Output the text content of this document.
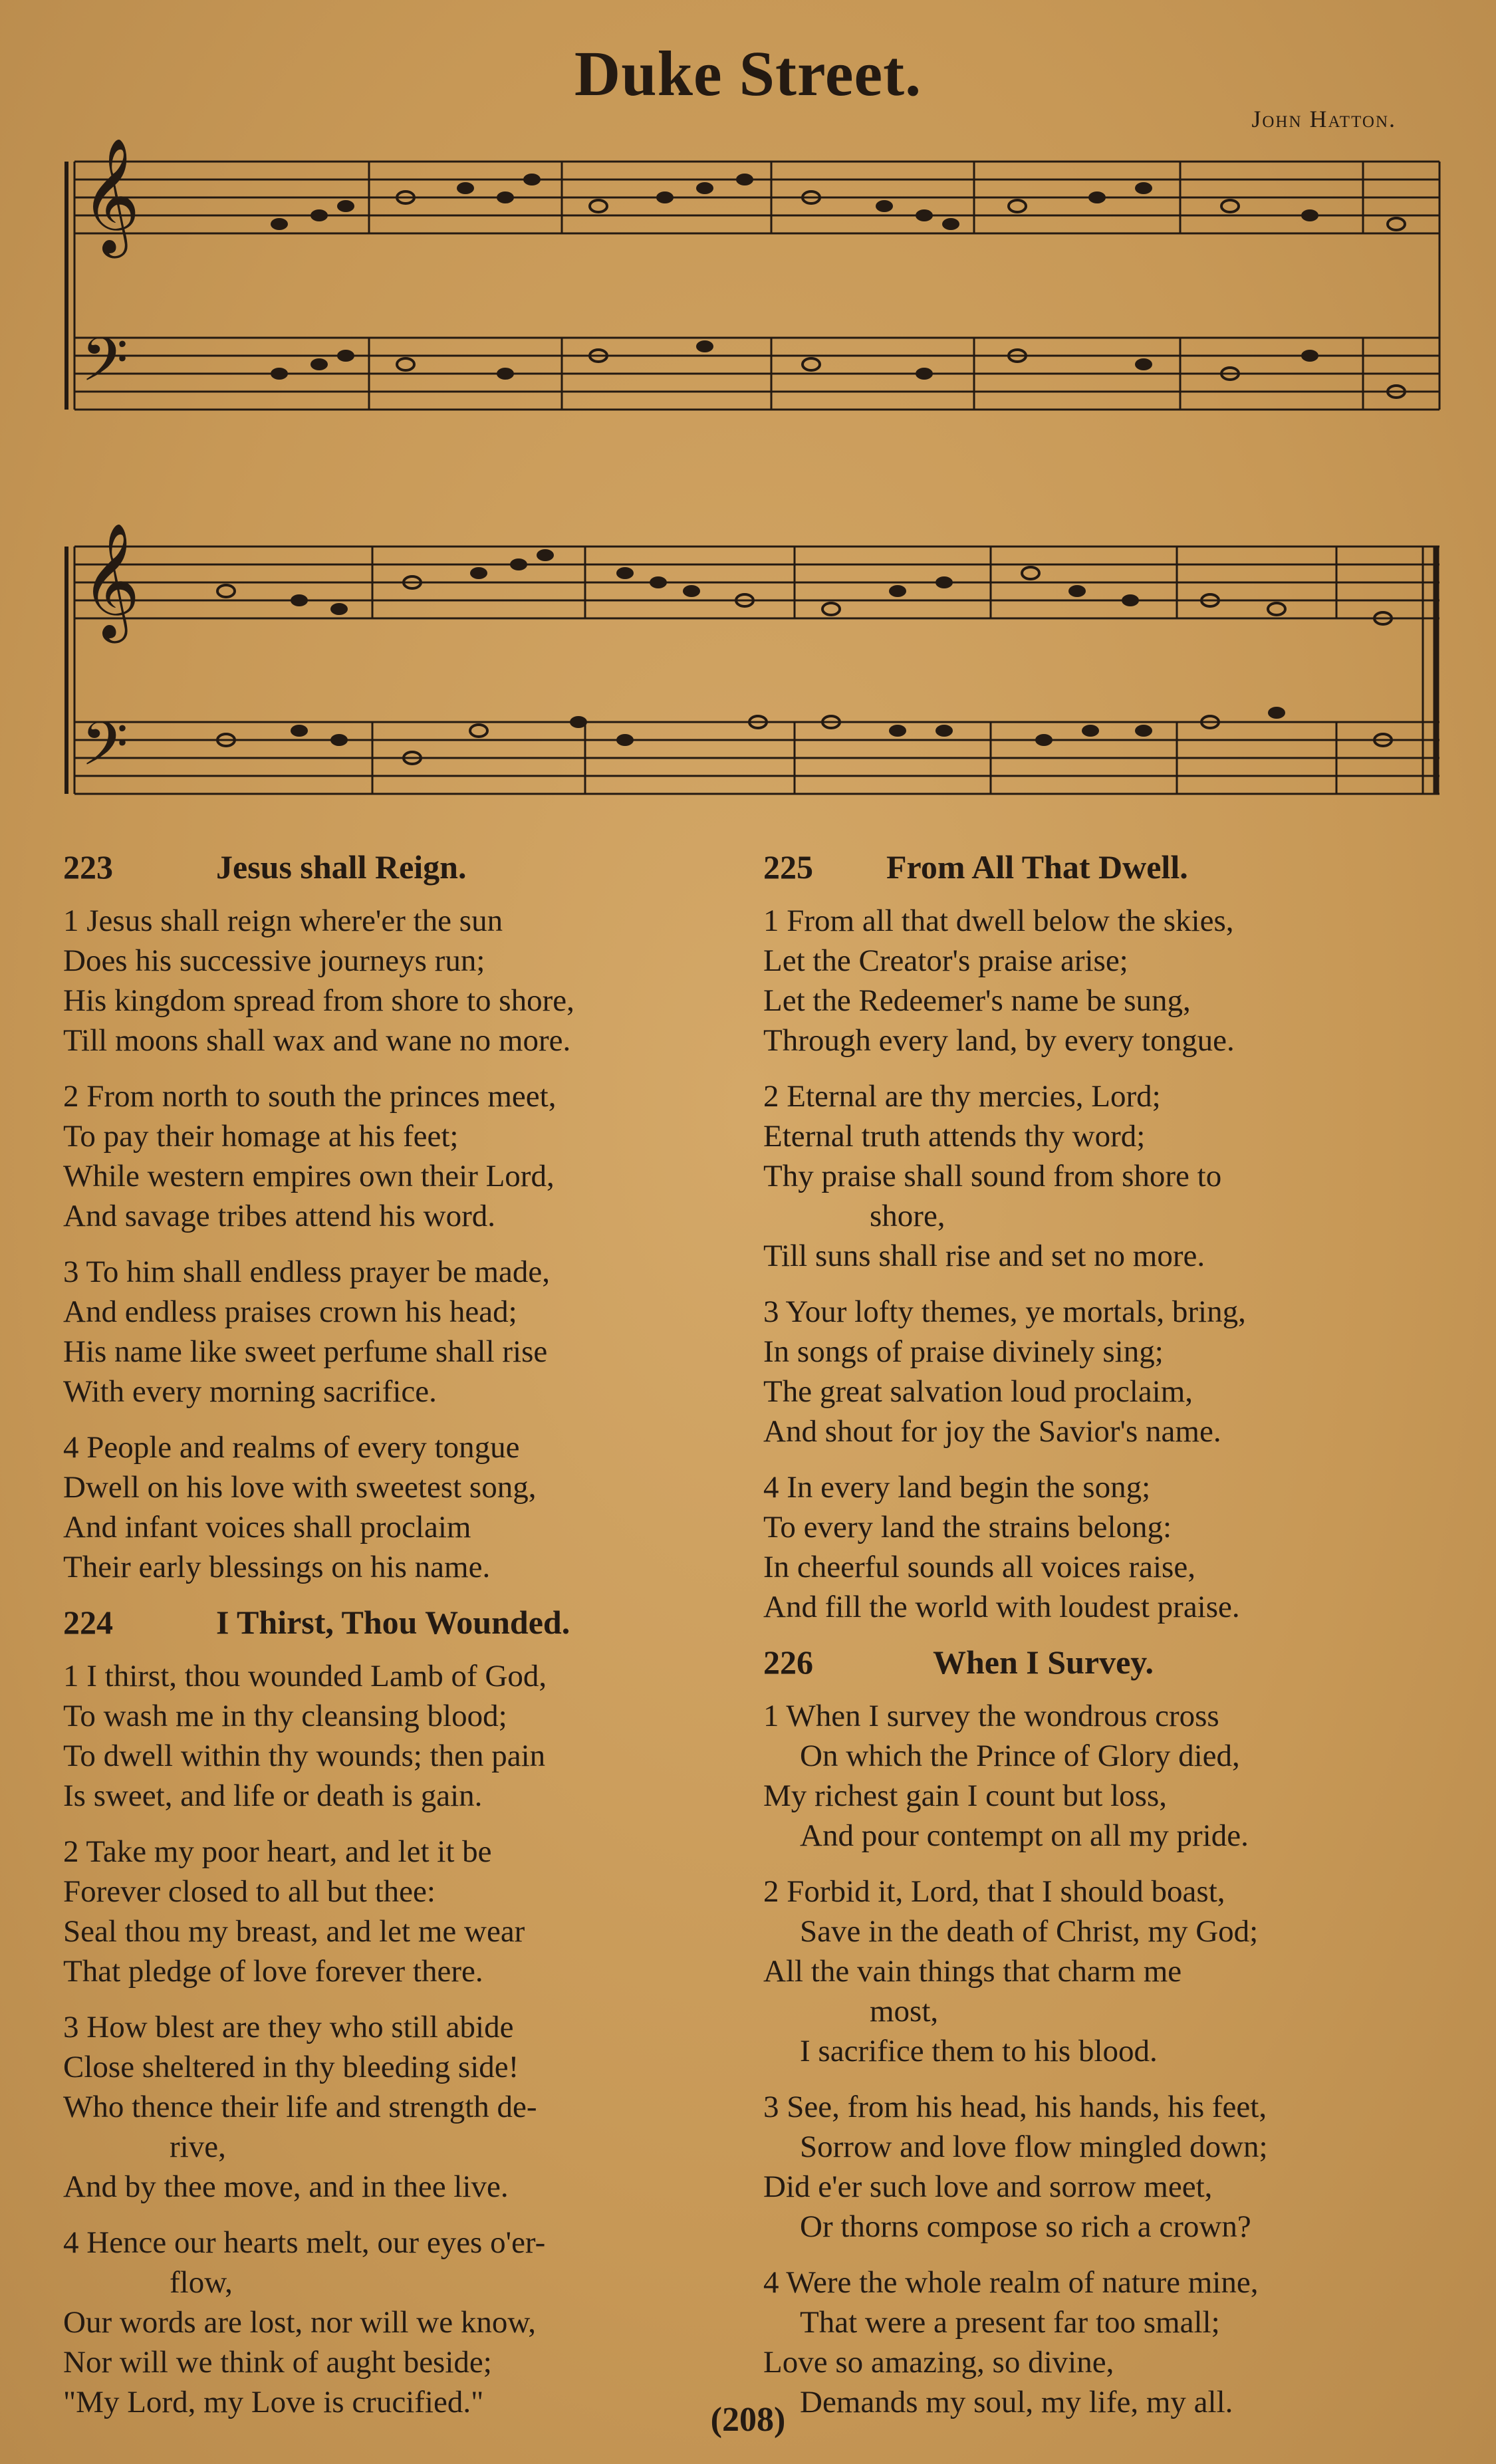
Duke Street.
John Hatton.
𝄞
𝄢
𝄞
𝄢
223	Jesus shall Reign.
1 Jesus shall reign where'er the sun
Does his successive journeys run;
His kingdom spread from shore to shore,
Till moons shall wax and wane no more.
2 From north to south the princes meet,
To pay their homage at his feet;
While western empires own their Lord,
And savage tribes attend his word.
3 To him shall endless prayer be made,
And endless praises crown his head;
His name like sweet perfume shall rise
With every morning sacrifice.
4 People and realms of every tongue
Dwell on his love with sweetest song,
And infant voices shall proclaim
Their early blessings on his name.
224	I Thirst, Thou Wounded.
1 I thirst, thou wounded Lamb of God,
To wash me in thy cleansing blood;
To dwell within thy wounds; then pain
Is sweet, and life or death is gain.
2 Take my poor heart, and let it be
Forever closed to all but thee:
Seal thou my breast, and let me wear
That pledge of love forever there.
3 How blest are they who still abide
Close sheltered in thy bleeding side!
Who thence their life and strength de-
rive,
And by thee move, and in thee live.
4 Hence our hearts melt, our eyes o'er-
flow,
Our words are lost, nor will we know,
Nor will we think of aught beside;
"My Lord, my Love is crucified."
225	From All That Dwell.
1 From all that dwell below the skies,
Let the Creator's praise arise;
Let the Redeemer's name be sung,
Through every land, by every tongue.
2 Eternal are thy mercies, Lord;
Eternal truth attends thy word;
Thy praise shall sound from shore to
shore,
Till suns shall rise and set no more.
3 Your lofty themes, ye mortals, bring,
In songs of praise divinely sing;
The great salvation loud proclaim,
And shout for joy the Savior's name.
4 In every land begin the song;
To every land the strains belong:
In cheerful sounds all voices raise,
And fill the world with loudest praise.
226	When I Survey.
1 When I survey the wondrous cross
On which the Prince of Glory died,
My richest gain I count but loss,
And pour contempt on all my pride.
2 Forbid it, Lord, that I should boast,
Save in the death of Christ, my God;
All the vain things that charm me
most,
I sacrifice them to his blood.
3 See, from his head, his hands, his feet,
Sorrow and love flow mingled down;
Did e'er such love and sorrow meet,
Or thorns compose so rich a crown?
4 Were the whole realm of nature mine,
That were a present far too small;
Love so amazing, so divine,
Demands my soul, my life, my all.
(208)
